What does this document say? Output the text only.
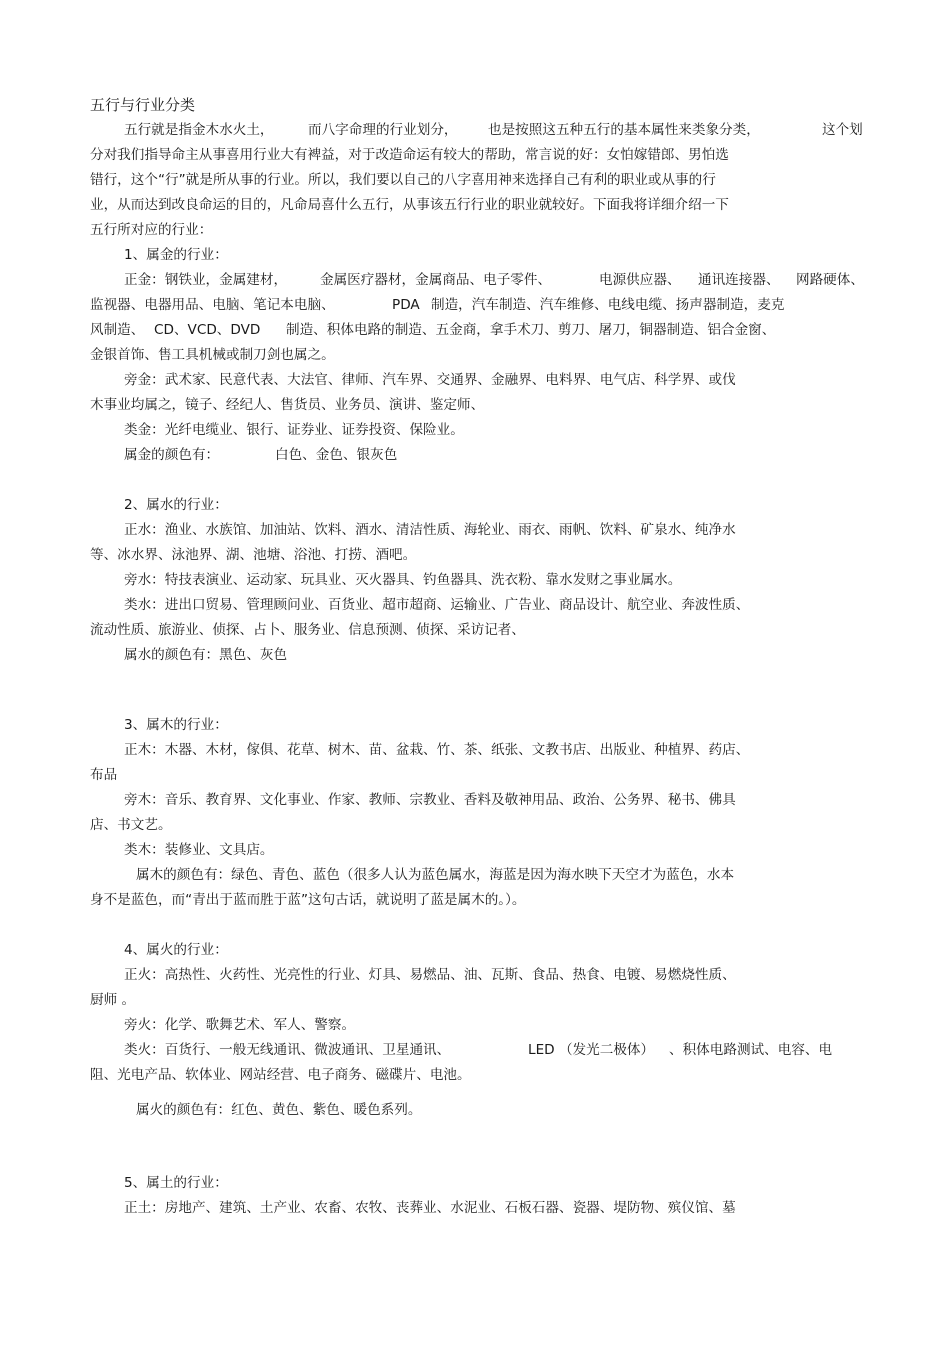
五行与行业分类
五行就是指金木水火土，	而八字命理的行业划分， 也是按照这五种五行的基本属性来类象分类，	这个划
分对我们指导命主从事喜用行业大有裨益，对于改造命运有较大的帮助，常言说的好：女怕嫁错郎、男怕选
错行，这个“行”就是所从事的行业。所以，我们要以自己的八字喜用神来选择自己有利的职业或从事的行
业，从而达到改良命运的目的，凡命局喜什么五行，从事该五行行业的职业就较好。下面我将详细介绍一下
五行所对应的行业：
1、属金的行业：
正金：钢铁业，金属建材， 金属医疗器材，金属商品、电子零件、	电源供应器、 通讯连接器、 网路硬体、
监视器、电器用品、电脑、笔记本电脑、	PDA 制造，汽车制造、汽车维修、电线电缆、扬声器制造，麦克
风制造、 CD、VCD、DVD 制造、积体电路的制造、五金商，拿手术刀、剪刀、屠刀，铜器制造、铝合金窗、
金银首饰、售工具机械或制刀剑也属之。
旁金：武术家、民意代表、大法官、律师、汽车界、交通界、金融界、电料界、电气店、科学界、或伐
木事业均属之，镜子、经纪人、售货员、业务员、演讲、鉴定师、
类金：光纤电缆业、银行、证券业、证券投资、保险业。
属金的颜色有：	白色、金色、银灰色
2、属水的行业：
正水：渔业、水族馆、加油站、饮料、酒水、清洁性质、海轮业、雨衣、雨帆、饮料、矿泉水、纯净水
等、冰水界、泳池界、湖、池塘、浴池、打捞、酒吧。
旁水：特技表演业、运动家、玩具业、灭火器具、钓鱼器具、洗衣粉、靠水发财之事业属水。
类水：进出口贸易、管理顾问业、百货业、超市超商、运输业、广告业、商品设计、航空业、奔波性质、
流动性质、旅游业、侦探、占卜、服务业、信息预测、侦探、采访记者、
属水的颜色有：黑色、灰色
3、属木的行业：
正木：木器、木材，傢俱、花草、树木、苗、盆栽、竹、茶、纸张、文教书店、出版业、种植界、药店、
布品
旁木：音乐、教育界、文化事业、作家、教师、宗教业、香料及敬神用品、政治、公务界、秘书、佛具
店、书文艺。
类木：装修业、文具店。
属木的颜色有：绿色、青色、蓝色（很多人认为蓝色属水，海蓝是因为海水映下天空才为蓝色，水本
身不是蓝色，而“青出于蓝而胜于蓝”这句古话，就说明了蓝是属木的。）。
4、属火的行业：
正火：高热性、火药性、光亮性的行业、灯具、易燃品、油、瓦斯、食品、热食、电镀、易燃烧性质、
厨师 。
旁火：化学、歌舞艺术、军人、警察。
类火：百货行、一般无线通讯、微波通讯、卫星通讯、	LED （发光二极体） 、积体电路测试、电容、电
阻、光电产品、软体业、网站经营、电子商务、磁碟片、电池。
属火的颜色有：红色、黄色、紫色、暖色系列。
5、属土的行业：
正土：房地产、建筑、土产业、农畜、农牧、丧葬业、水泥业、石板石器、瓷器、堤防物、殡仪馆、墓
